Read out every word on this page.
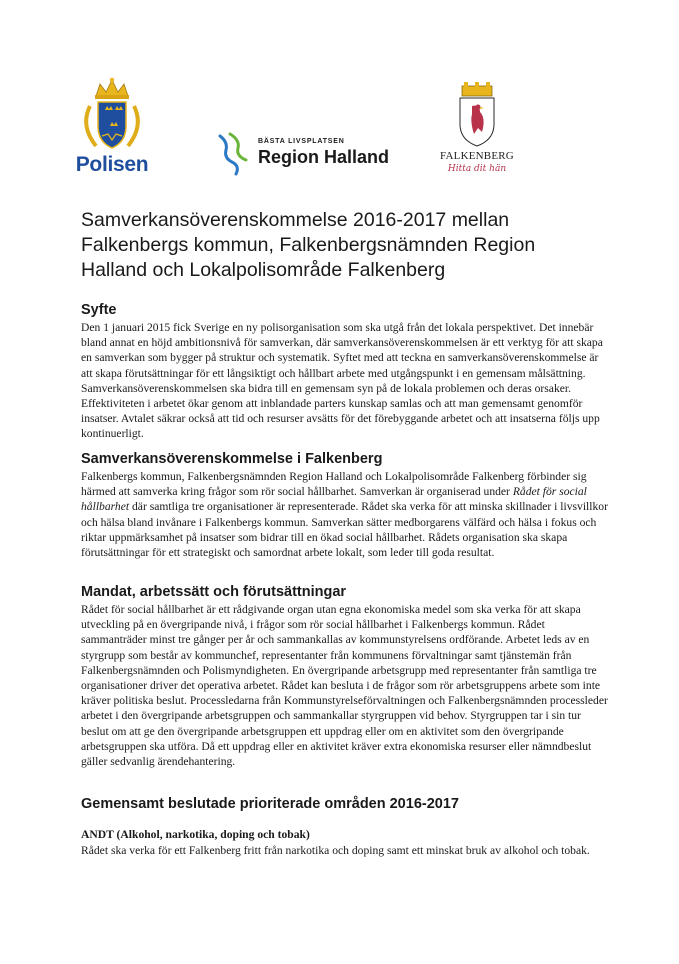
Polisen
BÄSTA LIVSPLATSEN
Region Halland	FALKENBERG
Hitta dit hän
Samverkansöverenskommelse 2016-2017 mellan Falkenbergs kommun, Falkenbergsnämnden Region Halland och Lokalpolisområde Falkenberg
Syfte

Den 1 januari 2015 fick Sverige en ny polisorganisation som ska utgå från det lokala perspektivet. Det innebär bland annat en höjd ambitionsnivå för samverkan, där samverkansöverenskommelsen är ett verktyg för att skapa en samverkan som bygger på struktur och systematik. Syftet med att teckna en samverkansöverenskommelse är att skapa förutsättningar för ett långsiktigt och hållbart arbete med utgångspunkt i en gemensam målsättning. Samverkansöverenskommelsen ska bidra till en gemensam syn på de lokala problemen och deras orsaker. Effektiviteten i arbetet ökar genom att inblandade parters kunskap samlas och att man gemensamt genomför insatser. Avtalet säkrar också att tid och resurser avsätts för det förebyggande arbetet och att insatserna följs upp kontinuerligt.

Samverkansöverenskommelse i Falkenberg

Falkenbergs kommun, Falkenbergsnämnden Region Halland och Lokalpolisområde Falkenberg förbinder sig härmed att samverka kring frågor som rör social hållbarhet. Samverkan är organiserad under Rådet för social hållbarhet där samtliga tre organisationer är representerade. Rådet ska verka för att minska skillnader i livsvillkor och hälsa bland invånare i Falkenbergs kommun. Samverkan sätter medborgarens välfärd och hälsa i fokus och riktar uppmärksamhet på insatser som bidrar till en ökad social hållbarhet. Rådets organisation ska skapa förutsättningar för ett strategiskt och samordnat arbete lokalt, som leder till goda resultat.

Mandat, arbetssätt och förutsättningar

Rådet för social hållbarhet är ett rådgivande organ utan egna ekonomiska medel som ska verka för att skapa utveckling på en övergripande nivå, i frågor som rör social hållbarhet i Falkenbergs kommun. Rådet sammanträder minst tre gånger per år och sammankallas av kommunstyrelsens ordförande. Arbetet leds av en styrgrupp som består av kommunchef, representanter från kommunens förvaltningar samt tjänstemän från Falkenbergsnämnden och Polismyndigheten. En övergripande arbetsgrupp med representanter från samtliga tre organisationer driver det operativa arbetet. Rådet kan besluta i de frågor som rör arbetsgruppens arbete som inte kräver politiska beslut. Processledarna från Kommunstyrelseförvaltningen och Falkenbergsnämnden processleder arbetet i den övergripande arbetsgruppen och sammankallar styrgruppen vid behov. Styrgruppen tar i sin tur beslut om att ge den övergripande arbetsgruppen ett uppdrag eller om en aktivitet som den övergripande arbetsgruppen ska utföra. Då ett uppdrag eller en aktivitet kräver extra ekonomiska resurser eller nämndbeslut gäller sedvanlig ärendehantering.

Gemensamt beslutade prioriterade områden 2016-2017
ANDT (Alkohol, narkotika, doping och tobak)

Rådet ska verka för ett Falkenberg fritt från narkotika och doping samt ett minskat bruk av alkohol och tobak.
